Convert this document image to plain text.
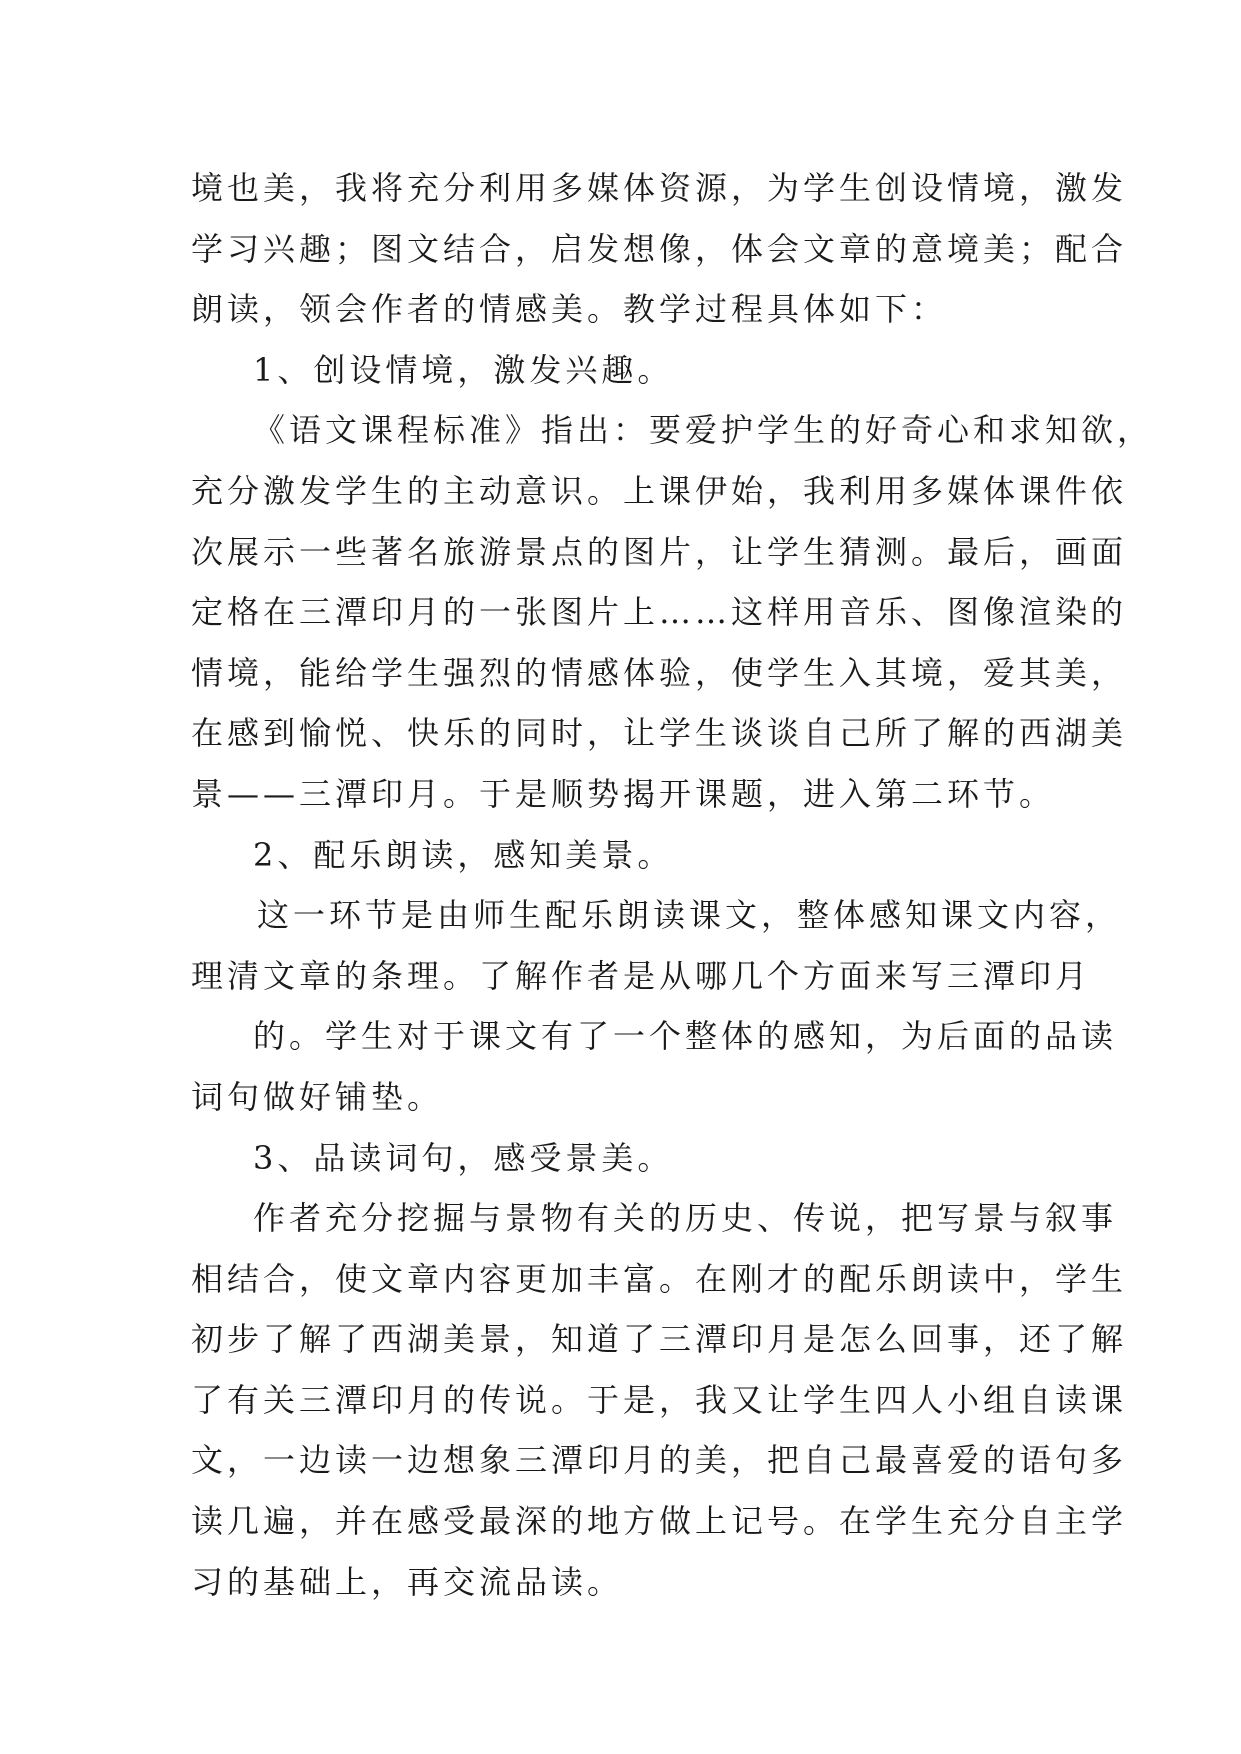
境也美，我将充分利用多媒体资源，为学生创设情境，激发
学习兴趣；图文结合，启发想像，体会文章的意境美；配合
朗读，领会作者的情感美。教学过程具体如下：
1、创设情境，激发兴趣。
《语文课程标准》指出：要爱护学生的好奇心和求知欲，
充分激发学生的主动意识。上课伊始，我利用多媒体课件依
次展示一些著名旅游景点的图片，让学生猜测。最后，画面
定格在三潭印月的一张图片上……这样用音乐、图像渲染的
情境，能给学生强烈的情感体验，使学生入其境，爱其美，
在感到愉悦、快乐的同时，让学生谈谈自己所了解的西湖美
景——三潭印月。于是顺势揭开课题，进入第二环节。
2、配乐朗读，感知美景。
这一环节是由师生配乐朗读课文，整体感知课文内容，
理清文章的条理。了解作者是从哪几个方面来写三潭印月
的。学生对于课文有了一个整体的感知，为后面的品读
词句做好铺垫。
3、品读词句，感受景美。
作者充分挖掘与景物有关的历史、传说，把写景与叙事
相结合，使文章内容更加丰富。在刚才的配乐朗读中，学生
初步了解了西湖美景，知道了三潭印月是怎么回事，还了解
了有关三潭印月的传说。于是，我又让学生四人小组自读课
文，一边读一边想象三潭印月的美，把自己最喜爱的语句多
读几遍，并在感受最深的地方做上记号。在学生充分自主学
习的基础上，再交流品读。
